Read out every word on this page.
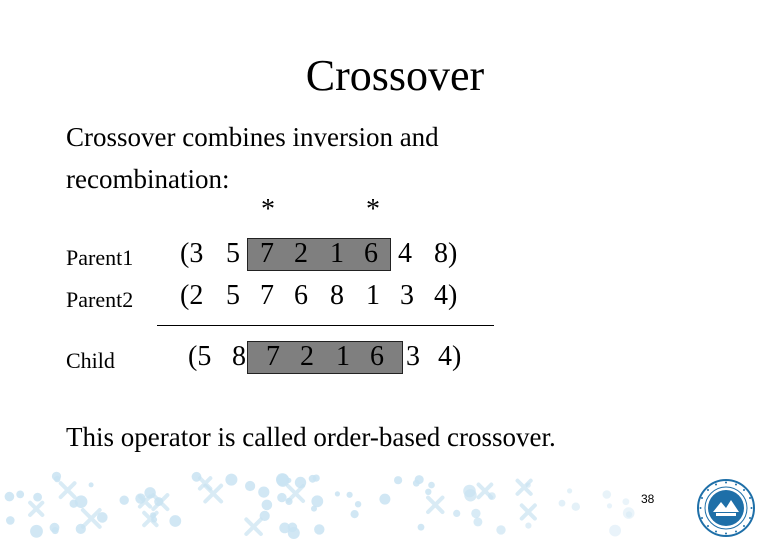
Crossover
Crossover combines inversion and recombination:
*	*
Parent1 (3 5 7 2 1 6 4 8)
Parent2 (2 5 7 6 8 1 3 4)
Child	(5 8 7 2 1 6 3 4)
This operator is called order-based crossover.
38
